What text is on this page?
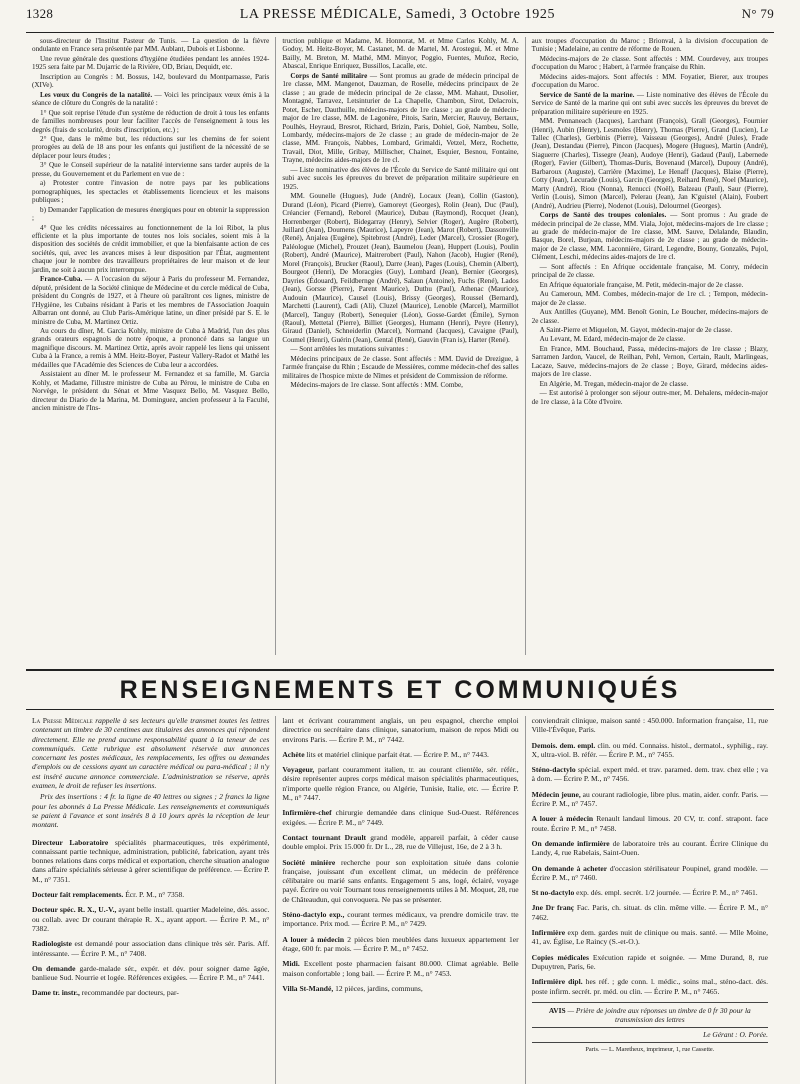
1328	LA PRESSE MÉDICALE, Samedi, 3 Octobre 1925	N° 79

sous-directeur de l'Institut Pasteur de Tunis. — La question de la fièvre ondulante en France sera présentée par MM. Aublant, Dubois et Lisbonne.

Une revue générale des questions d'hygiène étudiées pendant les années 1924-1925 sera faite par M. Dujarric de la Rivière, OD, Briau, Dequidt, etc.

Inscription au Congrès : M. Bossus, 142, boulevard du Montparnasse, Paris (XIVe).

Les vœux du Congrès de la natalité. — Voici les principaux vœux émis à la séance de clôture du Congrès de la natalité :

1° Que soit reprise l'étude d'un système de réduction de droit à tous les enfants de familles nombreuses pour leur faciliter l'accès de l'enseignement à tous les degrés (frais de scolarité, droits d'inscription, etc.) ;

2° Que, dans le même but, les réductions sur les chemins de fer soient prorogées au delà de 18 ans pour les enfants qui justifient de la nécessité de se déplacer pour leurs études ;

3° Que le Conseil supérieur de la natalité intervienne sans tarder auprès de la presse, du Gouvernement et du Parlement en vue de :

a) Protester contre l'invasion de notre pays par les publications pornographiques, les spectacles et établissements licencieux et les maisons publiques ;

b) Demander l'application de mesures énergiques pour en obtenir la suppression ;

4° Que les crédits nécessaires au fonctionnement de la loi Ribot, la plus efficiente et la plus importante de toutes nos lois sociales, soient mis à la disposition des sociétés de crédit immobilier, et que la bienfaisante action de ces sociétés, qui, avec les avances mises à leur disposition par l'État, augmentent chaque jour le nombre des travailleurs propriétaires de leur maison et de leur jardin, ne soit à aucun prix interrompue.

France-Cuba. — A l'occasion du séjour à Paris du professeur M. Fernandez, député, président de la Société clinique de Médecine et du cercle médical de Cuba, président du Congrès de 1927, et à l'heure où paraîtront ces lignes, ministre de l'Hygiène, les Cubains résidant à Paris et les membres de l'Association Joaquin Albarran ont donné, au Club Paris-Amérique latine, un dîner présidé par S. E. le ministre de Cuba, M. Martinez Ortiz.

Au cours du dîner, M. Garcia Kohly, ministre de Cuba à Madrid, l'un des plus grands orateurs espagnols de notre époque, a prononcé dans sa langue un magnifique discours. M. Martinez Ortiz, après avoir rappelé les liens qui unissent Cuba à la France, a remis à MM. Heitz-Boyer, Pasteur Vallery-Radot et Mathé les médailles que l'Académie des Sciences de Cuba leur a accordées.

Assistaient au dîner M. le professeur M. Fernandez et sa famille, M. Garcia Kohly, et Madame, l'illustre ministre de Cuba au Pérou, le ministre de Cuba en Norvège, le président du Sénat et Mme Vasquez Bello, M. Vasquez Bello, directeur du Diario de la Marina, M. Dominguez, ancien professeur à la Faculté, ancien ministre de l'Ins-

truction publique et Madame, M. Honnorat, M. et Mme Carlos Kohly, M. A. Godoy, M. Heitz-Boyer, M. Castanet, M. de Martel, M. Arostegui, M. et Mme Bailly, M. Breton, M. Mathé, MM. Minyor, Poggio, Fuentes, Muñoz, Recio, Abascal, Enrique Enriquez, Bussillos, Lacalle, etc.

Corps de Santé militaire — Sont promus au grade de médecin principal de 1re classe, MM. Mangenot, Dauzman, de Roselle, médecins principaux de 2e classe ; au grade de médecin principal de 2e classe, MM. Mahaut, Dusolier, Montagné, Tarravez, Letsinturier de La Chapelle, Chambon, Sirot, Delacroix, Potet, Escher, Dauthuille, médecins-majors de 1re classe ; au grade de médecin-major de 1re classe, MM. de Lagonère, Pitois, Sarin, Mercier, Rauvuy, Bertaux, Poulhès, Heyraud, Bresrot, Richard, Brizin, Paris, Dohiel, Goë, Nambeu, Solle, Lombardy, médecins-majors de 2e classe ; au grade de médecin-major de 2e classe, MM. François, Nabbes, Lombard, Grimaldi, Vetzel, Merz, Rochette, Travail, Diot, Mille, Gribay, Millischer, Chainet, Esquier, Besnou, Fontaine, Trayne, médecins aides-majors de 1re cl.

— Liste nominative des élèves de l'École du Service de Santé militaire qui ont subi avec succès les épreuves du brevet de préparation militaire supérieure en 1925.

MM. Gounelle (Hugues), Jude (André), Locaux (Jean), Collin (Gaston), Durand (Léon), Picard (Pierre), Gamoreyt (Georges), Rolin (Jean), Duc (Paul), Créancier (Fernand), Reborel (Maurice), Dubau (Raymond), Rocquet (Jean), Horrenberger (Robert), Bidegarray (Henry), Selvier (Roger), Augère (Robert), Juillard (Jean), Doumens (Maurice), Lapeyre (Jean), Marot (Robert), Dassonville (René), Anjalea (Eugène), Spitebrost (André), Leder (Marcel), Crossier (Roger), Paléologue (Michel), Prouzet (Jean), Baumelou (Jean), Huppert (Louis), Poulin (Robert), André (Maurice), Maitrerobert (Paul), Nahon (Jacob), Hugier (René), Morel (François), Brucker (Raoul), Darre (Jean), Pages (Louis), Chemin (Albert), Bourgeot (Henri), De Moracgies (Guy), Lombard (Jean), Bernier (Georges), Dayries (Édouard), Feildbernge (André), Salaun (Antoine), Fuchs (René), Lados (Jean), Gorsse (Pierre), Parent Maurice), Duthu (Paul), Athenac (Maurice), Audouin (Maurice), Causel (Louis), Brissy (Georges), Roussel (Bernard), Marchetti (Laurent), Cadi (Ali), Cluzel (Maurice), Lenoble (Marcel), Marmillot (Marcel), Tanguy (Robert), Senequier (Léon), Gosse-Gardet (Émile), Syrnon (Raoul), Mettetal (Pierre), Billiet (Georges), Humann (Henri), Peyre (Henry), Giraud (Daniel), Schneiderlin (Marcel), Normand (Jacques), Cavaigne (Paul), Coumel (Henri), Guérin (Jean), Gental (René), Gauvin (Fran is), Harter (René).

— Sont arrêtées les mutations suivantes :

Médecins principaux de 2e classe. Sont affectés : MM. David de Drezigue, à l'armée française du Rhin ; Escaude de Messières, comme médecin-chef des salles militaires de l'hospice mixte de Nîmes et président de Commission de réforme.

Médecins-majors de 1re classe. Sont affectés : MM. Combe,

aux troupes d'occupation du Maroc ; Brionval, à la division d'occupation de Tunisie ; Madelaine, au centre de réforme de Rouen.

Médecins-majors de 2e classe. Sont affectés : MM. Courdevey, aux troupes d'occupation du Maroc ; Habert, à l'armée française du Rhin.

Médecins aides-majors. Sont affectés : MM. Foyatier, Bierer, aux troupes d'occupation du Maroc.

Service de Santé de la marine. — Liste nominative des élèves de l'École du Service de Santé de la marine qui ont subi avec succès les épreuves du brevet de préparation militaire supérieure en 1925.

MM. Pennaneach (Jacques), Larchant (François), Grall (Georges), Fournier (Henri), Aubin (Henry), Lesmoles (Henry), Thomas (Pierre), Grand (Lucien), Le Tallec (Charles), Gerbinis (Pierre), Vaisseau (Georges), André (Jules), Frade (Jean), Destandau (Pierre), Pincon (Jacques), Mogere (Hugues), Martin (André), Siaguerre (Charles), Tissegre (Jean), Audoye (Henri), Gadaud (Paul), Labernede (Roger), Favier (Gilbert), Thomas-Duris, Bovenaud (Marcel), Dupouy (André), Barbaroux (Auguste), Carrière (Maxime), Le Henaff (Jacques), Blaise (Pierre), Cotty (Jean), Lecurade (Louis), Garcin (Georges), Reihard René), Noel (Maurice), Marty (André), Riou (Nonna), Renucci (Noël), Balzeau (Paul), Saur (Pierre), Verlin (Louis), Simon (Marcel), Pelerau (Jean), Jan K'guistel (Alain), Foubert (André), Audrieu (Pierre), Nodenot (Louis), Delourmel (Georges).

Corps de Santé des troupes coloniales. — Sont promus : Au grade de médecin principal de 2e classe, MM. Viala, Jojot, médecins-majors de 1re classe ; au grade de médecin-major de 1re classe, MM. Sauve, Delalande, Blaudin, Basque, Borel, Burjean, médecins-majors de 2e classe ; au grade de médecin-major de 2e classe, MM. Laconnière, Girard, Legendre, Bouny, Gonzalès, Pujol, Clément, Leschi, médecins aides-majors de 1re cl.

— Sont affectés : En Afrique occidentale française, M. Conry, médecin principal de 2e classe.

En Afrique équatoriale française, M. Petit, médecin-major de 2e classe.

Au Cameroun, MM. Combes, médecin-major de 1re cl. ; Tempon, médecin-major de 2e classe.

Aux Antilles (Guyane), MM. Benoît Gonin, Le Boucher, médecins-majors de 2e classe.

A Saint-Pierre et Miquelon, M. Gayot, médecin-major de 2e classe.

Au Levant, M. Edard, médecin-major de 2e classe.

En France, MM. Bouchaud, Passa, médecins-majors de 1re classe ; Blazy, Sarramen Jardon, Vaucel, de Reilhan, Pehl, Vernon, Certain, Rault, Marlingeas, Lacaze, Sauve, médecins-majors de 2e classe ; Boye, Girard, médecins aides-majors de 1re classe.

En Algérie, M. Tregan, médecin-major de 2e classe.

— Est autorisé à prolonger son séjour outre-mer, M. Dehalens, médecin-major de 1re classe, à la Côte d'Ivoire.

RENSEIGNEMENTS ET COMMUNIQUÉS
La Presse Médicale rappelle à ses lecteurs qu'elle transmet toutes les lettres contenant un timbre de 30 centimes aux titulaires des annonces qui répondent directement. Elle ne prend aucune responsabilité quant à la teneur de ces communiqués. Cette rubrique est absolument réservée aux annonces concernant les postes médicaux, les remplacements, les offres ou demandes d'emplois ou de cessions ayant un caractère médical ou para-médical ; il n'y est inséré aucune annonce commerciale. L'administration se réserve, après examen, le droit de refuser les insertions.
Prix des insertions : 4 fr. la ligne de 40 lettres ou signes ; 2 francs la ligne pour les abonnés à La Presse Médicale. Les renseignements et communiqués se paient à l'avance et sont insérés 8 à 10 jours après la réception de leur montant.
Directeur Laboratoire spécialités pharmaceutiques, très expérimenté, connaissant partie technique, administration, publicité, fabrication, ayant très bonnes relations dans corps médical et exportation, cherche situation analogue dans affaire spécialités sérieuse à gérer scientifique de préférence. — Écrire P. M., n° 7351.
Docteur fait remplacements. Écr. P. M., n° 7358.
Docteur spéc. R. X., U.-V., ayant belle install. quartier Madeleine, dés. assoc. ou collab. avec Dr courant thérapie R. X., ayant apport. — Écrire P. M., n° 7382.
Radiologiste est demandé pour association dans clinique très sér. Paris. Aff. intéressante. — Écrire P. M., n° 7408.
On demande garde-malade sér., expér. et dév. pour soigner dame âgée, banlieue Sud. Nourrie et logée. Références exigées. — Écrire P. M., n° 7441.
Dame tr. instr., recommandée par docteurs, par-
lant et écrivant couramment anglais, un peu espagnol, cherche emploi directrice ou secrétaire dans clinique, sanatorium, maison de repos Midi ou environs Paris. — Écrire P. M., n° 7442.
Achète lits et matériel clinique parfait état. — Écrire P. M., n° 7443.
Voyageur, parlant couramment italien, tr. au courant clientèle, sér. référ., désire représenter aupres corps médical maison spécialités pharmaceutiques, n'importe quelle région France, ou Algérie, Tunisie, Italie, etc. — Écrire P. M., n° 7447.
Infirmière-chef chirurgie demandée dans clinique Sud-Ouest. Références exigées. — Écrire P. M., n° 7449.
Contact tournant Drault grand modèle, appareil parfait, à céder cause double emploi. Prix 15.000 fr. Dr L., 28, rue de Villejust, 16e, de 2 à 3 h.
Société minière recherche pour son exploitation située dans colonie française, jouissant d'un excellent climat, un médecin de préférence célibataire ou marié sans enfants. Engagement 5 ans, logé, éclairé, voyage payé. Écrire ou voir Tournant tous renseignements utiles à M. Moquet, 28, rue de Châteaudun, qui convoquera. Ne pas se présenter.
Sténo-dactylo exp., courant termes médicaux, va prendre domicile trav. tte importance. Prix mod. — Écrire P. M., n° 7429.
A louer à médecin 2 pièces bien meublées dans luxueux appartement 1er étage, 600 fr. par mois. — Écrire P. M., n° 7452.
Midi. Excellent poste pharmacien faisant 80.000. Climat agréable. Belle maison confortable ; long bail. — Écrire P. M., n° 7453.
Villa St-Mandé, 12 pièces, jardins, communs,
conviendrait clinique, maison santé : 450.000. Information française, 11, rue Ville-l'Évêque, Paris.
Demois. dem. empl. clin. ou méd. Connaiss. histol., dermatol., syphilig., ray. X, ultra-viol. B. référ. — Écrire P. M., n° 7455.
Sténo-dactylo spécial. expert méd. et trav. paramed. dem. trav. chez elle ; va à dom. — Écrire P. M., n° 7456.
Médecin jeune, au courant radiologie, libre plus. matin, aider. confr. Paris. — Écrire P. M., n° 7457.
A louer à médecin Renault landaul limous. 20 CV, tr. conf. strapont. face route. Écrire P. M., n° 7458.
On demande infirmière de laboratoire très au courant. Écrire Clinique du Landy, 4, rue Rabelais, Saint-Ouen.
On demande à acheter d'occasion stérilisateur Poupinel, grand modèle. — Écrire P. M., n° 7460.
St no-dactylo exp. dés. empl. secrét. 1/2 journée. — Écrire P. M., n° 7461.
Jne Dr franç Fac. Paris, ch. situat. ds clin. même ville. — Écrire P. M., n° 7462.
Infirmière exp dem. gardes nuit de clinique ou mais. santé. — Mlle Moine, 41, av. Église, Le Raincy (S.-et-O.).
Copies médicales Exécution rapide et soignée. — Mme Durand, 8, rue Dupuytren, Paris, 6e.
Infirmière dipl. hes réf. ; gde conn. l. médic., soins mal., sténo-dact. dés. poste infirm. secrét. pr. méd. ou clin. — Écrire P. M., n° 7465.
AVIS — Prière de joindre aux réponses un timbre de 0 fr 30 pour la transmission des lettres
Le Gérant : O. Porée.
Paris. — L. Maretheux, imprimeur, 1, rue Cassette.
